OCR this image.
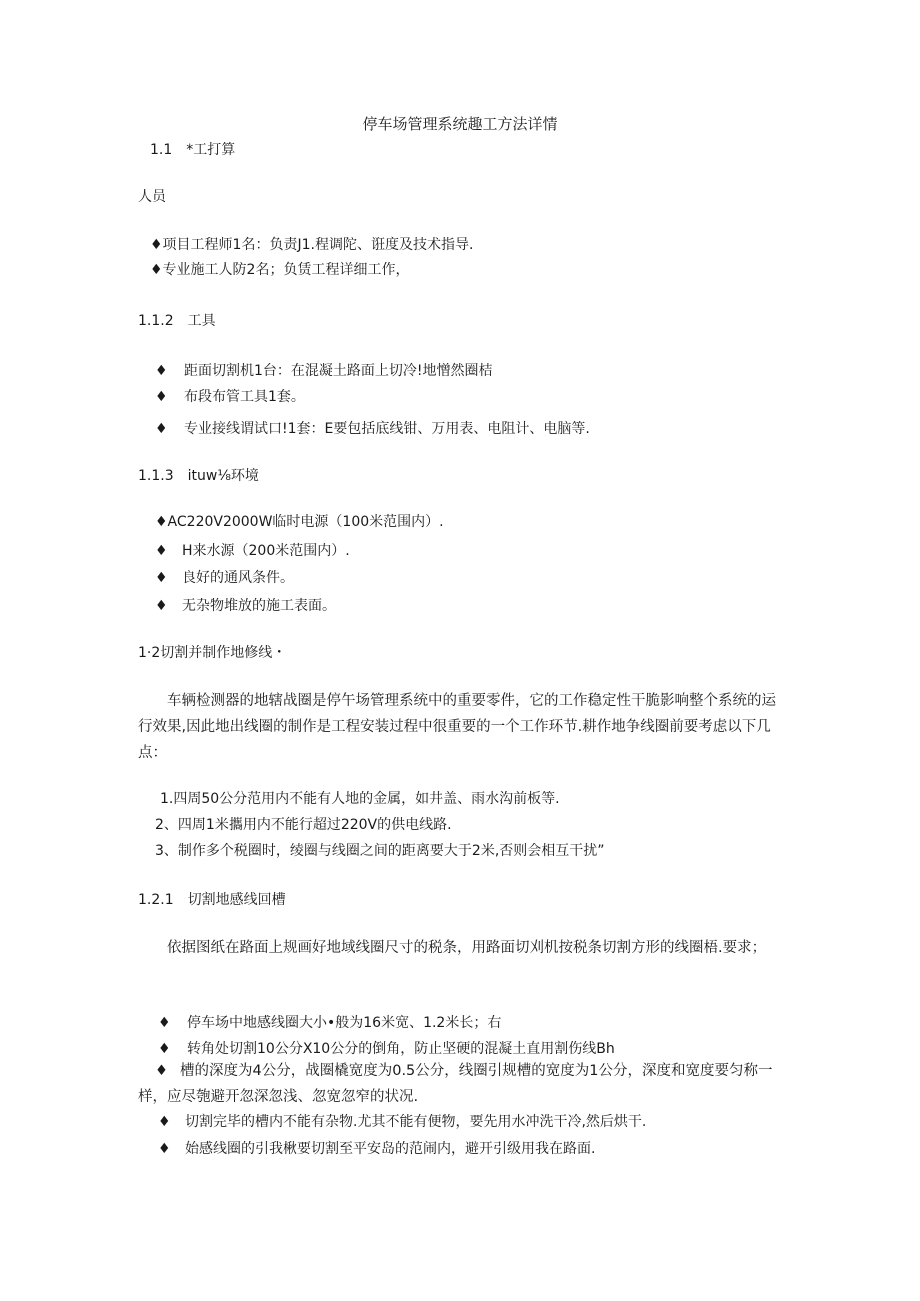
停车场管理系统趣工方法详情
1.1　*工打算
人员
♦项目工程师1名：负责J1.程调陀、诳度及技术指导.
♦专业施工人防2名；负赁工程详细工作，
1.1.2　工具
♦ 距面切割机1台：在混凝土路面上切冷!地憎然圈桔
♦ 布段布管工具1套。
♦ 专业接线谓试口!1套：E要包括底线钳、万用表、电阻计、电脑等.
1.1.3　ituw⅛环境
♦AC220V2000W临时电源（100米范围内）.
♦ H来水源（200米范围内）.
♦ 良好的通风条件。
♦ 无杂物堆放的施工表面。
1·2切割并制作地修线・
车辆检测器的地辖战圈是停午场管理系统中的重要零件，它的工作稳定性干脆影响整个系统的运行效果,因此地出线圈的制作是工程安装过程中很重要的一个工作环节.耕作地争线圈前要考虑以下几点：
1.四周50公分范用内不能有人地的金属，如井盖、雨水沟前板等.
2、四周1米攜用内不能行超过220V的供电线路.
3、制作多个税圈时，绫圈与线圈之间的距离要大于2米,否则会相互干扰”
1.2.1　切割地感线回槽
依据图纸在路面上规画好地域线圈尺寸的税条，用路面切刈机按税条切割方形的线圈梧.要求；
♦ 停车场中地感线圈大小•般为16米宽、1.2米长；右
♦ 转角处切割10公分X10公分的倒角，防止坚硬的混凝土直用割伤线Bh
♦ 槽的深度为4公分，战圈橇宽度为0.5公分，线圈引规槽的宽度为1公分，深度和宽度要匀称一样，应尽匏避开忽深忽浅、忽宽忽窄的状况.
♦ 切割完毕的槽内不能有杂物.尤其不能有便物，要先用水冲洗干冷,然后烘干.
♦ 始感线圈的引我楸要切割至平安岛的范闹内，避开引级用我在路面.
